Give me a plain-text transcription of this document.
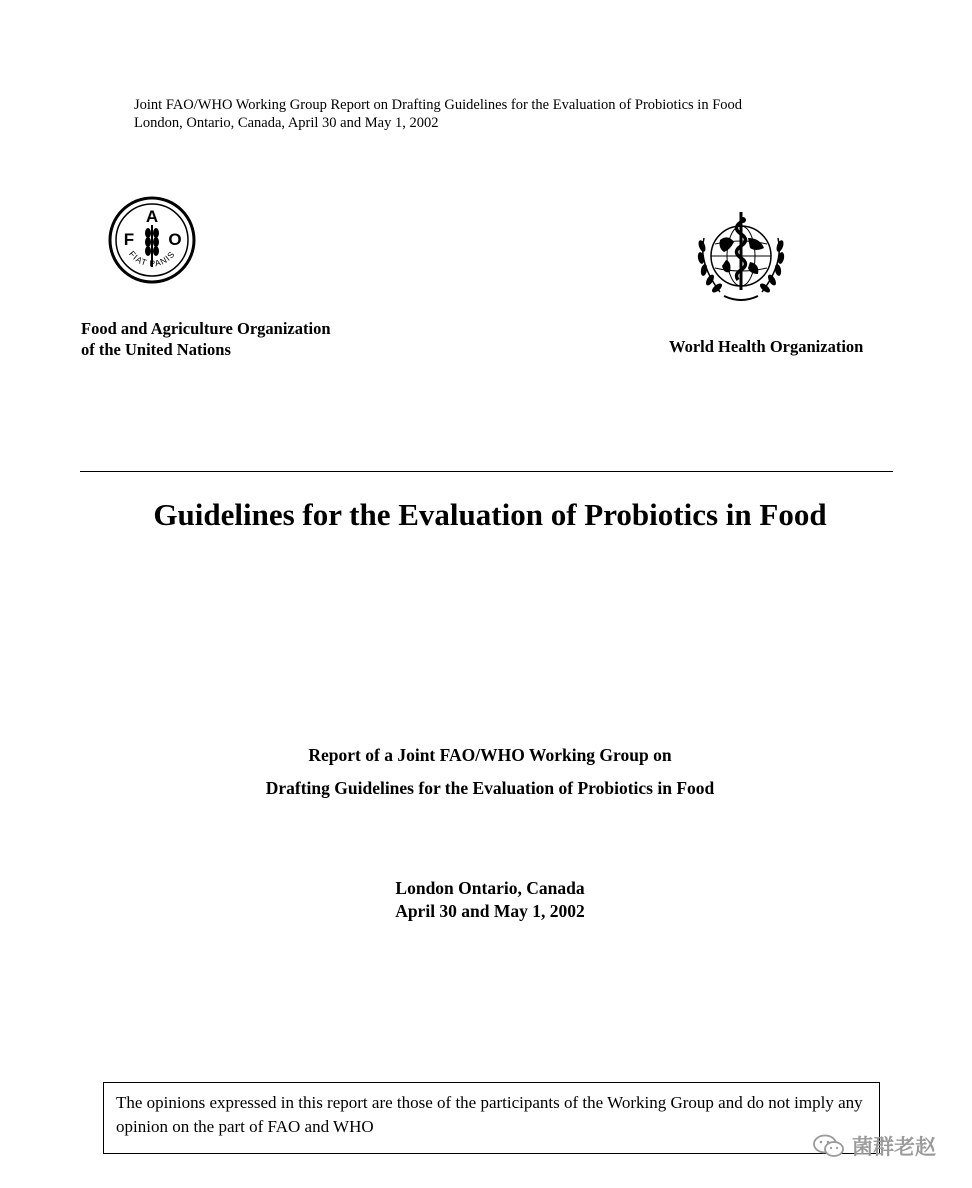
Joint FAO/WHO Working Group Report on Drafting Guidelines for the Evaluation of Probiotics in Food
London, Ontario, Canada, April 30 and May 1, 2002
A
F O
FIAT PANIS
Food and Agriculture Organization
of the United Nations	World Health Organization
Guidelines for the Evaluation of Probiotics in Food
Report of a Joint FAO/WHO Working Group on
Drafting Guidelines for the Evaluation of Probiotics in Food
London Ontario, Canada
April 30 and May 1, 2002
The opinions expressed in this report are those of the participants of the Working Group and do not imply any opinion on the part of FAO and WHO
菌群老赵
